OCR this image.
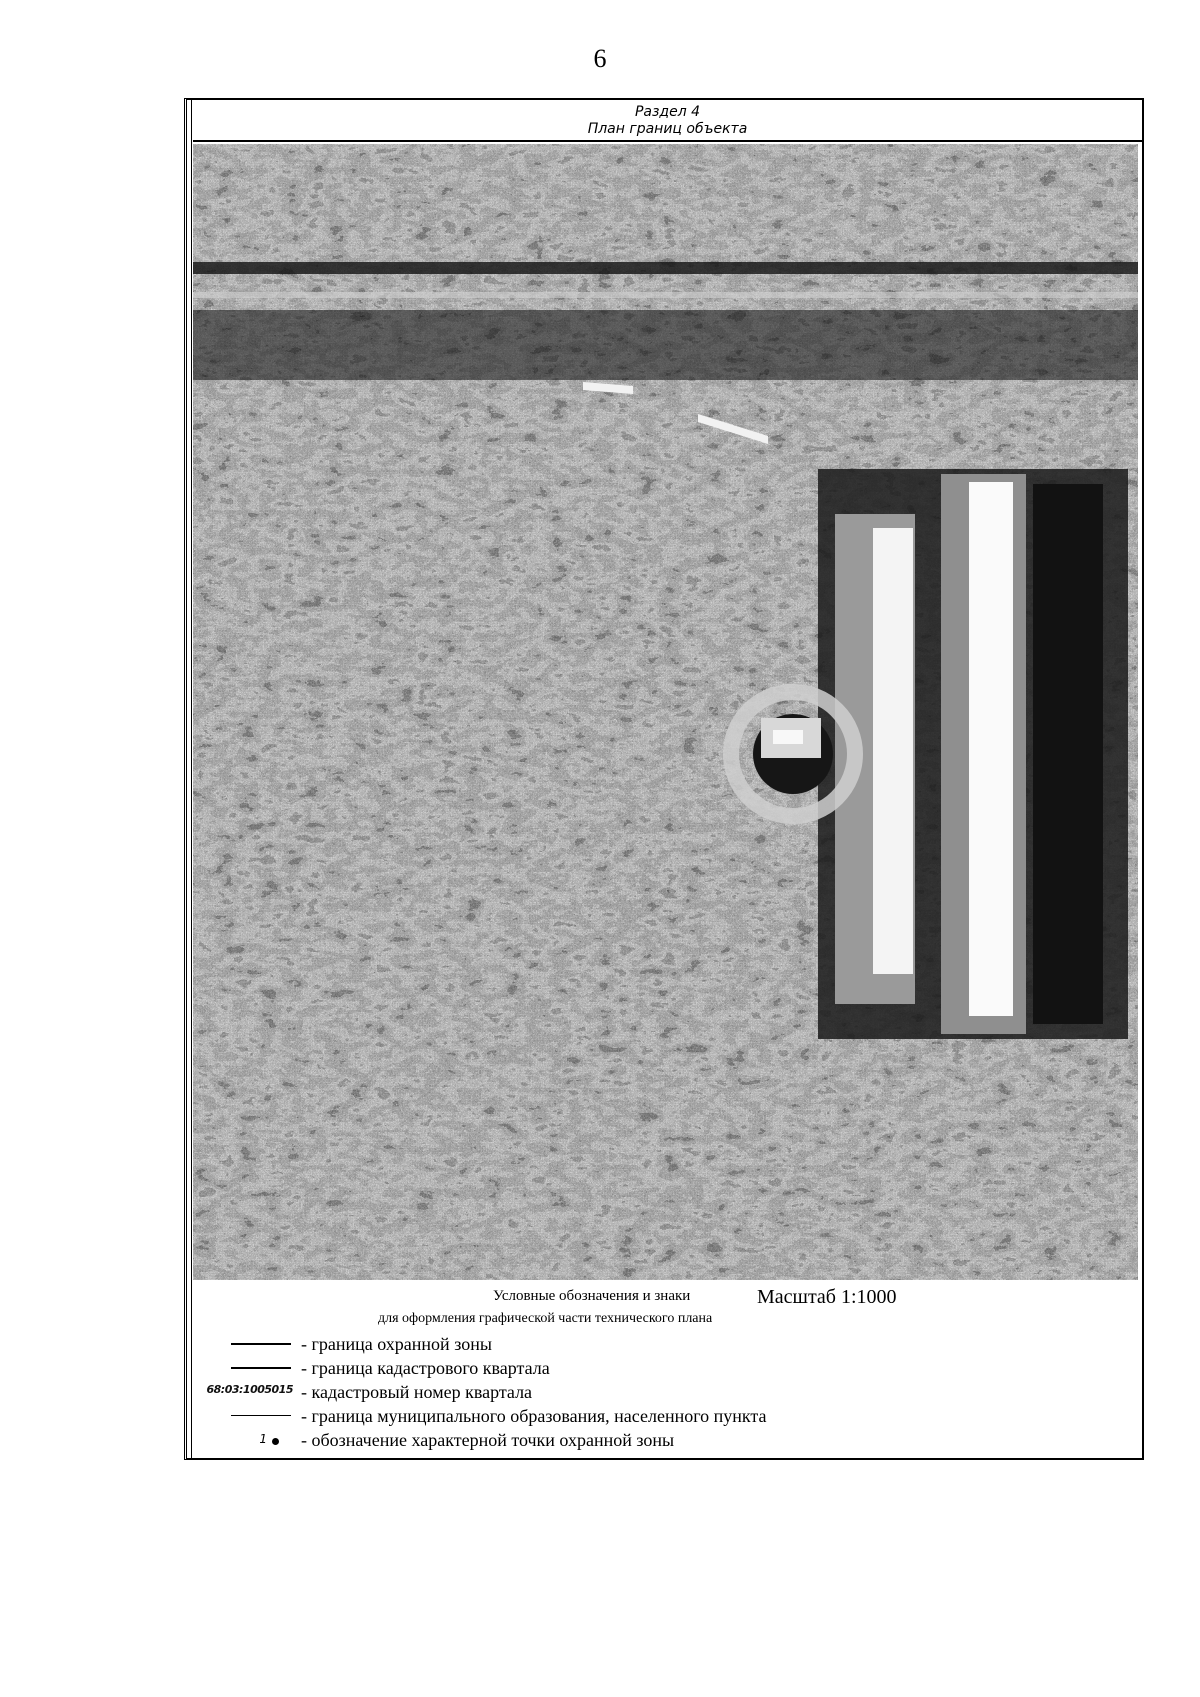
6
Раздел 4
План границ объекта
Условные обозначения и знаки	Масштаб 1:1000
для оформления графической части технического плана
- граница охранной зоны
- граница кадастрового квартала
68:03:1005015 - кадастровый номер квартала
- граница муниципального образования, населенного пункта
1 - обозначение характерной точки охранной зоны
